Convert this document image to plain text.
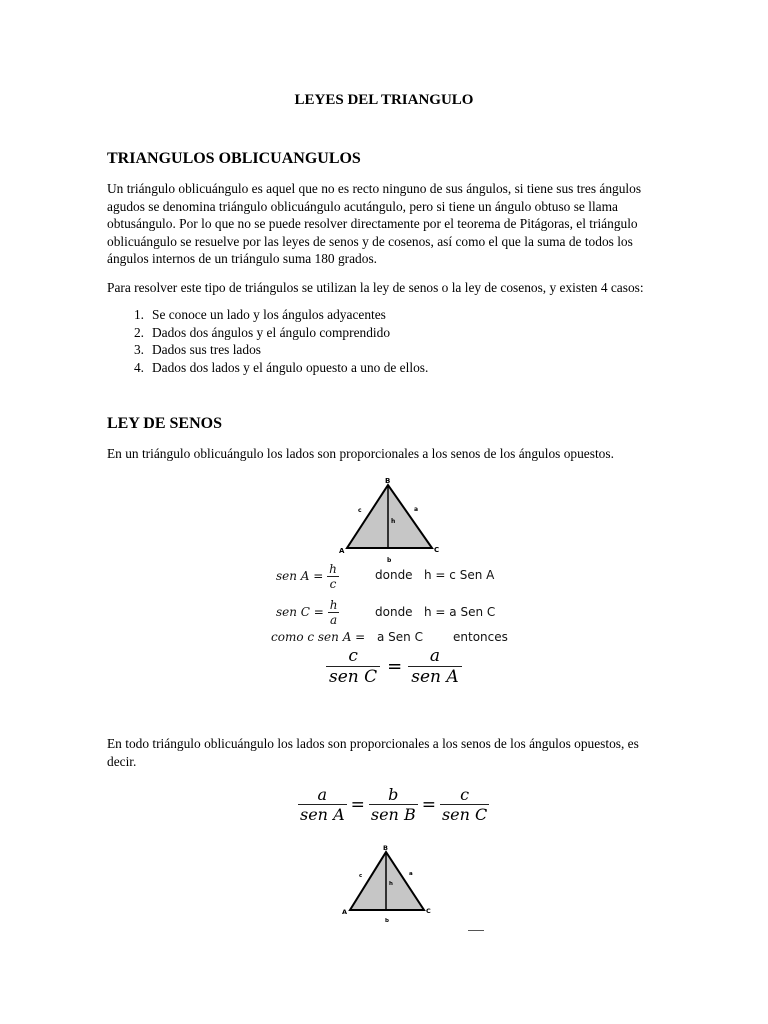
LEYES DEL TRIANGULO
TRIANGULOS OBLICUANGULOS
Un triángulo oblicuángulo es aquel que no es recto ninguno de sus ángulos, si tiene sus tres ángulos
agudos se denomina triángulo oblicuángulo acutángulo, pero si tiene un ángulo obtuso se llama
obtusángulo. Por lo que no se puede resolver directamente por el teorema de Pitágoras, el triángulo
oblicuángulo se resuelve por las leyes de senos y de cosenos, así como el que la suma de todos los
ángulos internos de un triángulo suma 180 grados.
Para resolver este tipo de triángulos se utilizan la ley de senos o la ley de cosenos, y existen 4 casos:
1. Se conoce un lado y los ángulos adyacentes
2. Dados dos ángulos y el ángulo comprendido
3. Dados sus tres lados
4. Dados dos lados y el ángulo opuesto a uno de ellos.
LEY DE SENOS
En un triángulo oblicuángulo los lados son proporcionales a los senos de los ángulos opuestos.
B
A	C
c	a
h
b
sen A =
$\frac{h}{c}$	donde h = c Sen A
sen C =
$\frac{h}{a}$	donde h = a Sen C
como c sen A = a Sen C	entonces
$\frac{c}{\text{sen C}} = \frac{a}{\text{sen A}}$
En todo triángulo oblicuángulo los lados son proporcionales a los senos de los ángulos opuestos, es
decir.
$\frac{a}{\text{sen A}} = \frac{b}{\text{sen B}} = \frac{c}{\text{sen C}}$
B
A	C
c	a
h
b
